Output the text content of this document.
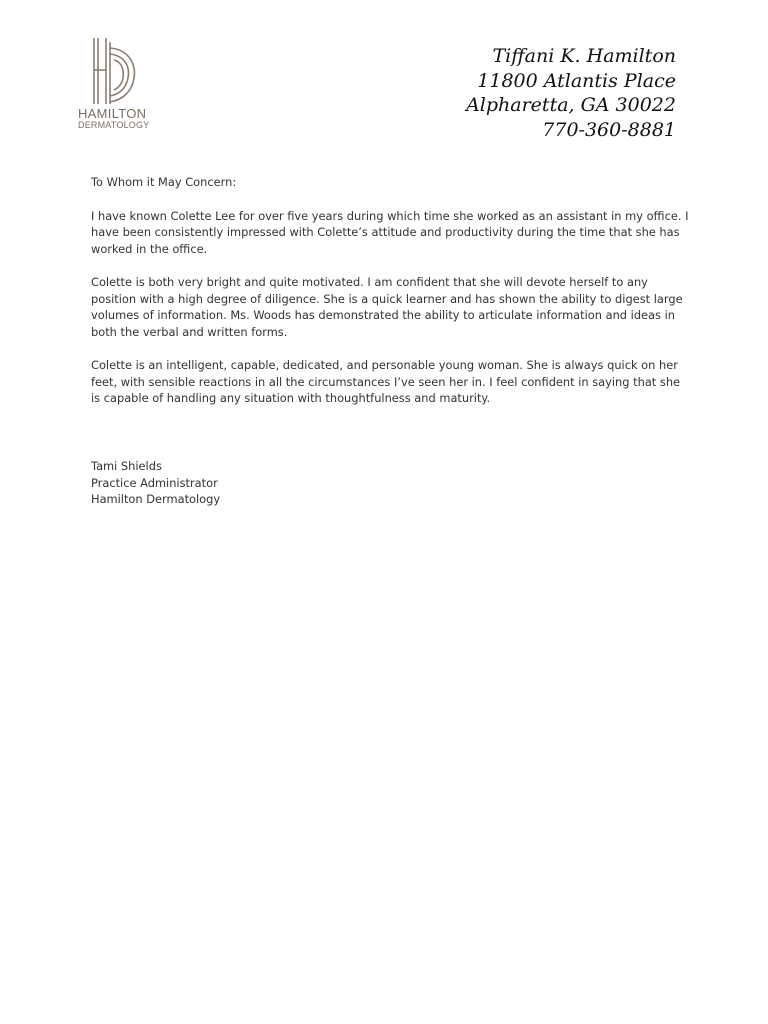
HAMILTON
DERMATOLOGY
Tiffani K. Hamilton
11800 Atlantis Place
Alpharetta, GA 30022
770-360-8881

To Whom it May Concern:

I have known Colette Lee for over five years during which time she worked as an assistant in my office. I have been consistently impressed with Colette’s attitude and productivity during the time that she has worked in the office.

Colette is both very bright and quite motivated. I am confident that she will devote herself to any position with a high degree of diligence. She is a quick learner and has shown the ability to digest large volumes of information. Ms. Woods has demonstrated the ability to articulate information and ideas in both the verbal and written forms.

Colette is an intelligent, capable, dedicated, and personable young woman. She is always quick on her feet, with sensible reactions in all the circumstances I’ve seen her in. I feel confident in saying that she is capable of handling any situation with thoughtfulness and maturity.

Tami Shields
Practice Administrator
Hamilton Dermatology
